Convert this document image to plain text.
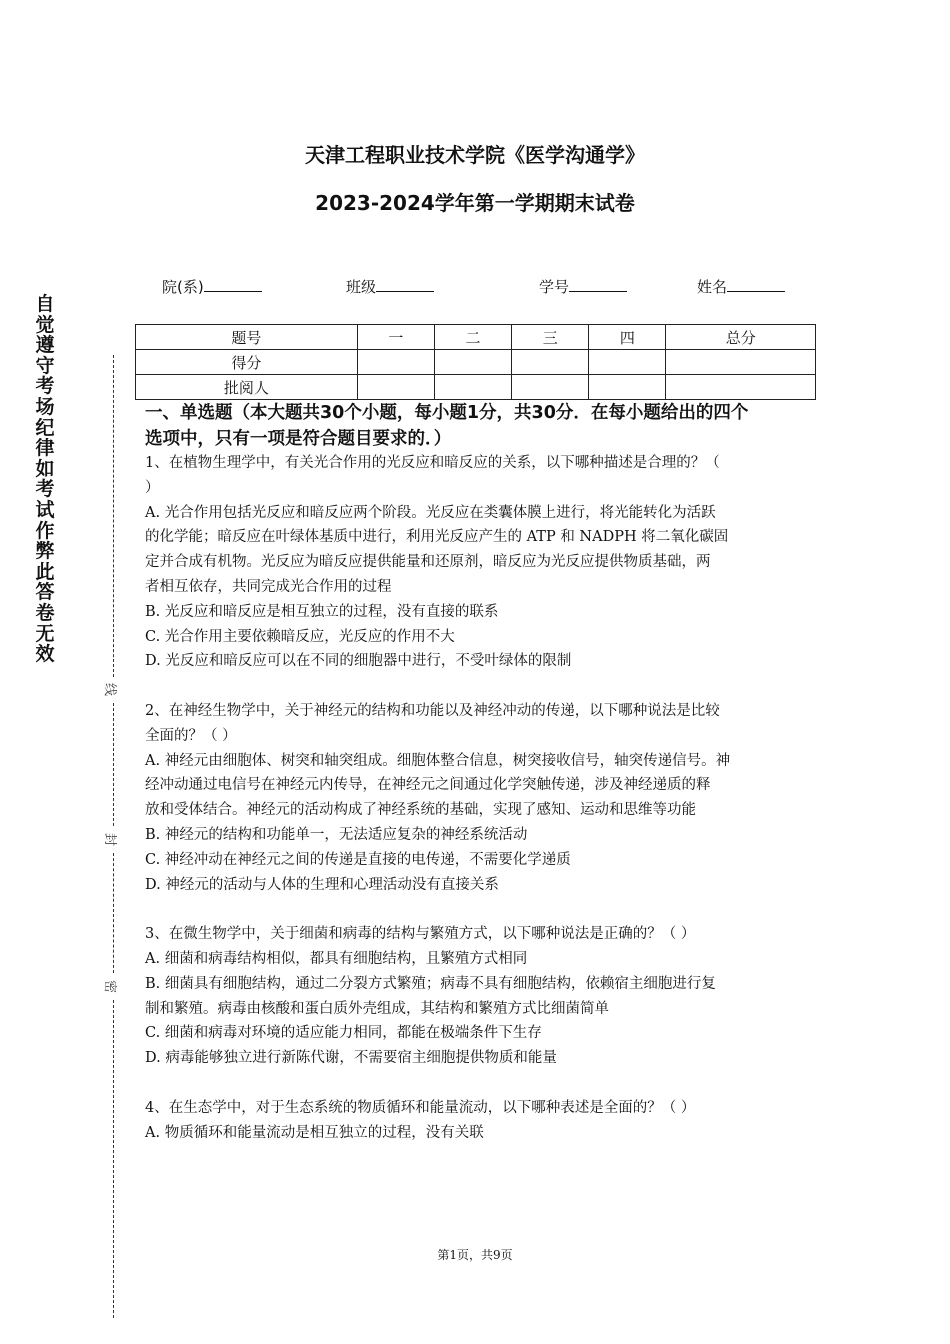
天津工程职业技术学院《医学沟通学》
2023-2024学年第一学期期末试卷
院(系)	班级	学号	姓名
题号	一	二	三	四	总分
得分					
批阅人					
自觉遵守考场纪律如考试作弊此答卷无效
线
封
密
一、单选题（本大题共30个小题，每小题1分，共30分．在每小题给出的四个
选项中，只有一项是符合题目要求的．）
1、在植物生理学中，有关光合作用的光反应和暗反应的关系，以下哪种描述是合理的？（
）
A. 光合作用包括光反应和暗反应两个阶段。光反应在类囊体膜上进行，将光能转化为活跃
的化学能；暗反应在叶绿体基质中进行，利用光反应产生的 ATP 和 NADPH 将二氧化碳固
定并合成有机物。光反应为暗反应提供能量和还原剂，暗反应为光反应提供物质基础，两
者相互依存，共同完成光合作用的过程
B. 光反应和暗反应是相互独立的过程，没有直接的联系
C. 光合作用主要依赖暗反应，光反应的作用不大
D. 光反应和暗反应可以在不同的细胞器中进行，不受叶绿体的限制
2、在神经生物学中，关于神经元的结构和功能以及神经冲动的传递，以下哪种说法是比较
全面的？（ ）
A. 神经元由细胞体、树突和轴突组成。细胞体整合信息，树突接收信号，轴突传递信号。神
经冲动通过电信号在神经元内传导，在神经元之间通过化学突触传递，涉及神经递质的释
放和受体结合。神经元的活动构成了神经系统的基础，实现了感知、运动和思维等功能
B. 神经元的结构和功能单一，无法适应复杂的神经系统活动
C. 神经冲动在神经元之间的传递是直接的电传递，不需要化学递质
D. 神经元的活动与人体的生理和心理活动没有直接关系
3、在微生物学中，关于细菌和病毒的结构与繁殖方式，以下哪种说法是正确的？（ ）
A. 细菌和病毒结构相似，都具有细胞结构，且繁殖方式相同
B. 细菌具有细胞结构，通过二分裂方式繁殖；病毒不具有细胞结构，依赖宿主细胞进行复
制和繁殖。病毒由核酸和蛋白质外壳组成，其结构和繁殖方式比细菌简单
C. 细菌和病毒对环境的适应能力相同，都能在极端条件下生存
D. 病毒能够独立进行新陈代谢，不需要宿主细胞提供物质和能量
4、在生态学中，对于生态系统的物质循环和能量流动，以下哪种表述是全面的？（ ）
A. 物质循环和能量流动是相互独立的过程，没有关联
第1页，共9页
